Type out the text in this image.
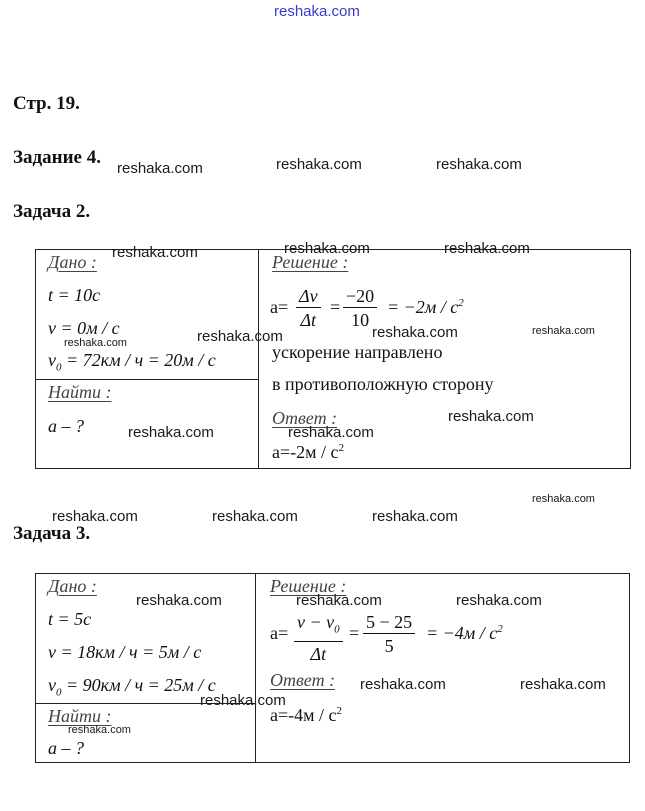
reshaka.com
Стр. 19.
Задание 4.
Задача 2.
Дано :
t = 10с
v = 0м / с
$v_0 = 72км / ч = 20м / с$
Найти :
а – ?
Решение :
$a= \frac{\Delta v}{\Delta t} = \frac{-20}{10} = -2м / с^2$
ускорение направлено
в противоположную сторону
Ответ :
$а=-2м / с^2$
Задача 3.
Дано :
t = 5с
v = 18км / ч = 5м / с
$v_0 = 90км / ч = 25м / с$
Найти :
а – ?
Решение :
$a= \frac{v - v_0}{\Delta t} = \frac{5 - 25}{5} = -4м / с^2$
Ответ :
$а=-4м / с^2$
reshaka.com	reshaka.com	reshaka.com
reshaka.com	reshaka.com	reshaka.com
reshaka.com	reshaka.com	reshaka.com	reshaka.com
reshaka.com
reshaka.com	reshaka.com
reshaka.com
reshaka.com	reshaka.com	reshaka.com
reshaka.com	reshaka.com	reshaka.com
reshaka.com	reshaka.com
reshaka.com
reshaka.com
